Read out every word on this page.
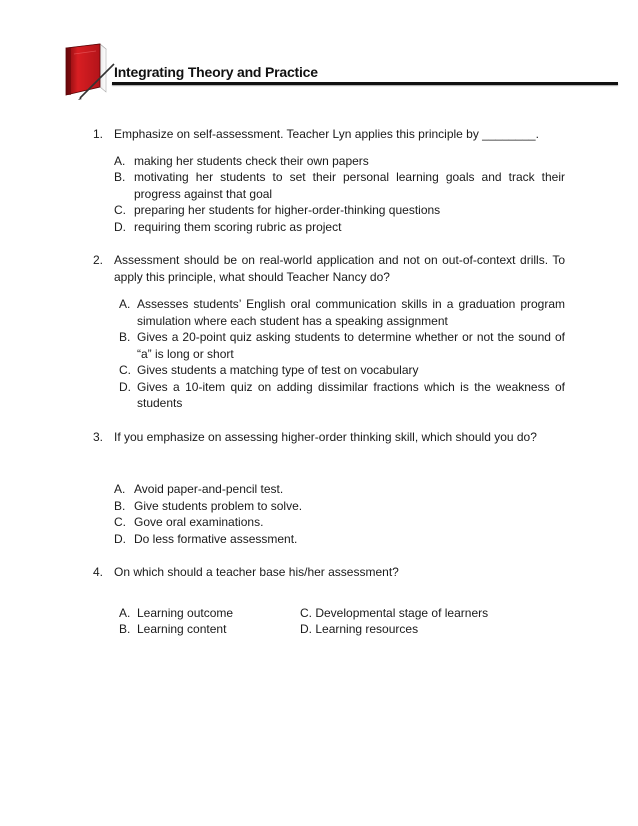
Integrating Theory and Practice
1. Emphasize on self-assessment. Teacher Lyn applies this principle by ________.
A. making her students check their own papers
B. motivating her students to set their personal learning goals and track their progress against that goal
C. preparing her students for higher-order-thinking questions
D. requiring them scoring rubric as project
2. Assessment should be on real-world application and not on out-of-context drills. To apply this principle, what should Teacher Nancy do?
A. Assesses students’ English oral communication skills in a graduation program simulation where each student has a speaking assignment
B. Gives a 20-point quiz asking students to determine whether or not the sound of “a” is long or short
C. Gives students a matching type of test on vocabulary
D. Gives a 10-item quiz on adding dissimilar fractions which is the weakness of students
3. If you emphasize on assessing higher-order thinking skill, which should you do?
A. Avoid paper-and-pencil test.
B. Give students problem to solve.
C. Gove oral examinations.
D. Do less formative assessment.
4. On which should a teacher base his/her assessment?
A. Learning outcome	C. Developmental stage of learners
B. Learning content	D. Learning resources
